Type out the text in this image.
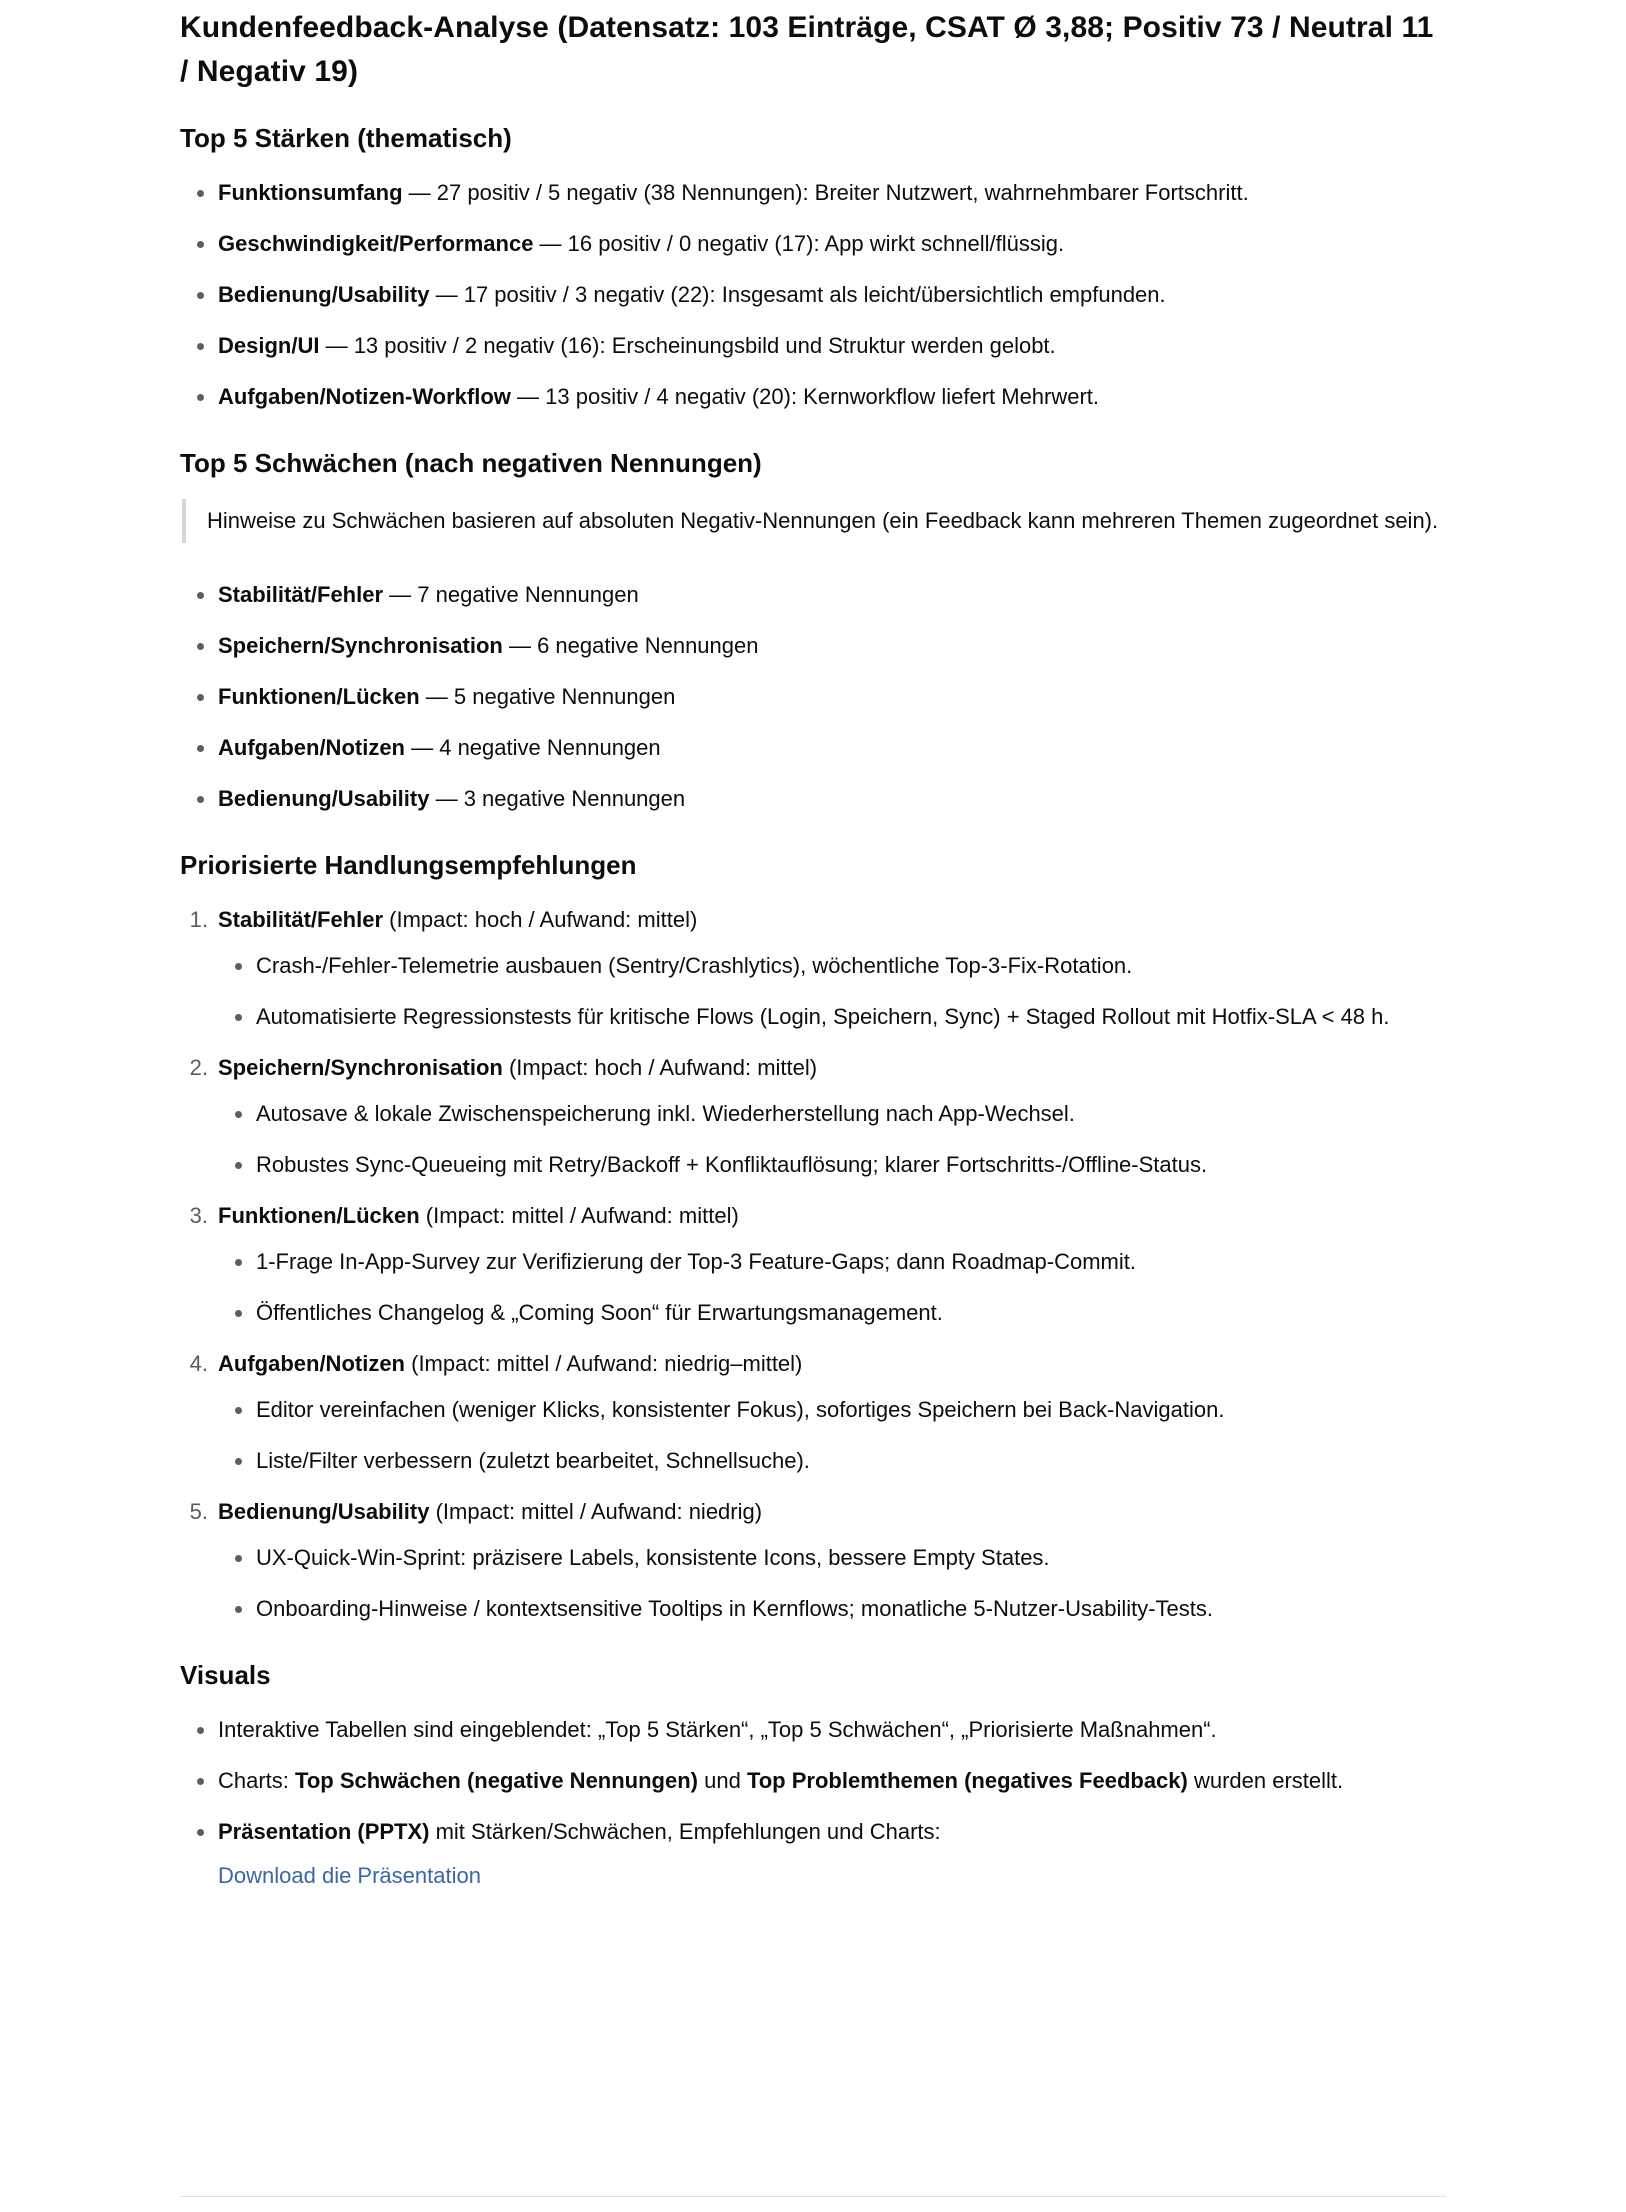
Kundenfeedback-Analyse (Datensatz: 103 Einträge, CSAT Ø 3,88; Positiv 73 / Neutral 11 / Negativ 19)
Top 5 Stärken (thematisch)
Funktionsumfang — 27 positiv / 5 negativ (38 Nennungen): Breiter Nutzwert, wahrnehmbarer Fortschritt.
Geschwindigkeit/Performance — 16 positiv / 0 negativ (17): App wirkt schnell/flüssig.
Bedienung/Usability — 17 positiv / 3 negativ (22): Insgesamt als leicht/übersichtlich empfunden.
Design/UI — 13 positiv / 2 negativ (16): Erscheinungsbild und Struktur werden gelobt.
Aufgaben/Notizen-Workflow — 13 positiv / 4 negativ (20): Kernworkflow liefert Mehrwert.
Top 5 Schwächen (nach negativen Nennungen)
Hinweise zu Schwächen basieren auf absoluten Negativ-Nennungen (ein Feedback kann mehreren Themen zugeordnet sein).
Stabilität/Fehler — 7 negative Nennungen
Speichern/Synchronisation — 6 negative Nennungen
Funktionen/Lücken — 5 negative Nennungen
Aufgaben/Notizen — 4 negative Nennungen
Bedienung/Usability — 3 negative Nennungen
Priorisierte Handlungsempfehlungen
Stabilität/Fehler (Impact: hoch / Aufwand: mittel)
Crash-/Fehler-Telemetrie ausbauen (Sentry/Crashlytics), wöchentliche Top-3-Fix-Rotation.
Automatisierte Regressionstests für kritische Flows (Login, Speichern, Sync) + Staged Rollout mit Hotfix-SLA < 48 h.
Speichern/Synchronisation (Impact: hoch / Aufwand: mittel)
Autosave & lokale Zwischenspeicherung inkl. Wiederherstellung nach App-Wechsel.
Robustes Sync-Queueing mit Retry/Backoff + Konfliktauflösung; klarer Fortschritts-/Offline-Status.
Funktionen/Lücken (Impact: mittel / Aufwand: mittel)
1-Frage In-App-Survey zur Verifizierung der Top-3 Feature-Gaps; dann Roadmap-Commit.
Öffentliches Changelog & „Coming Soon“ für Erwartungsmanagement.
Aufgaben/Notizen (Impact: mittel / Aufwand: niedrig–mittel)
Editor vereinfachen (weniger Klicks, konsistenter Fokus), sofortiges Speichern bei Back-Navigation.
Liste/Filter verbessern (zuletzt bearbeitet, Schnellsuche).
Bedienung/Usability (Impact: mittel / Aufwand: niedrig)
UX-Quick-Win-Sprint: präzisere Labels, konsistente Icons, bessere Empty States.
Onboarding-Hinweise / kontextsensitive Tooltips in Kernflows; monatliche 5-Nutzer-Usability-Tests.
Visuals
Interaktive Tabellen sind eingeblendet: „Top 5 Stärken“, „Top 5 Schwächen“, „Priorisierte Maßnahmen“.
Charts: Top Schwächen (negative Nennungen) und Top Problemthemen (negatives Feedback) wurden erstellt.
Präsentation (PPTX) mit Stärken/Schwächen, Empfehlungen und Charts:
Download die Präsentation
